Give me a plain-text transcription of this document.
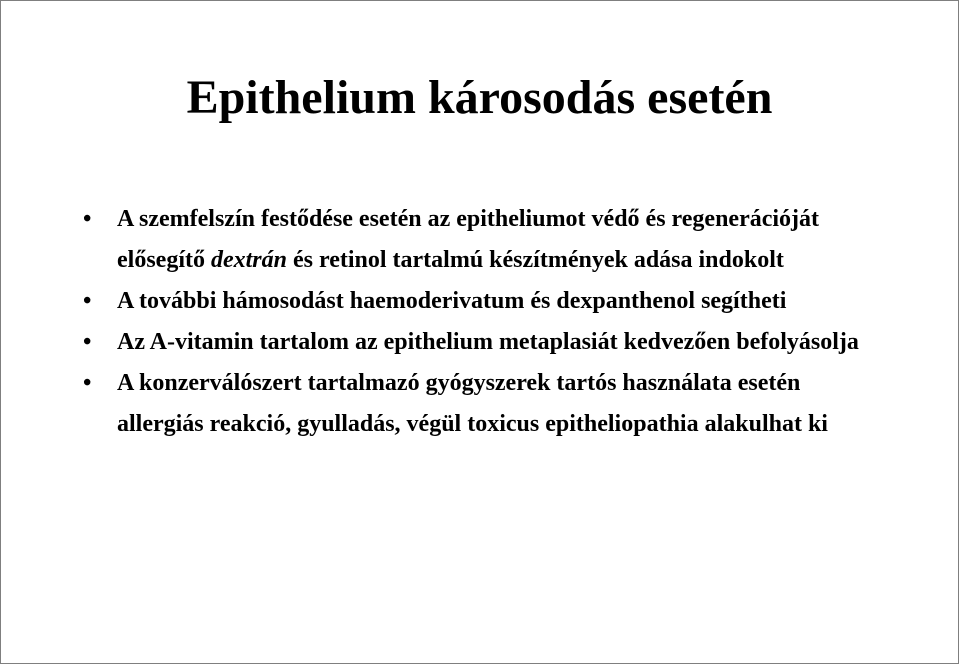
Epithelium károsodás esetén
• A szemfelszín festődése esetén az epitheliumot védő és regenerációját elősegítő dextrán és retinol tartalmú készítmények adása indokolt
• A további hámosodást haemoderivatum és dexpanthenol segítheti
• Az A-vitamin tartalom az epithelium metaplasiát kedvezően befolyásolja
• A konzerválószert tartalmazó gyógyszerek tartós használata esetén allergiás reakció, gyulladás, végül toxicus epitheliopathia alakulhat ki
